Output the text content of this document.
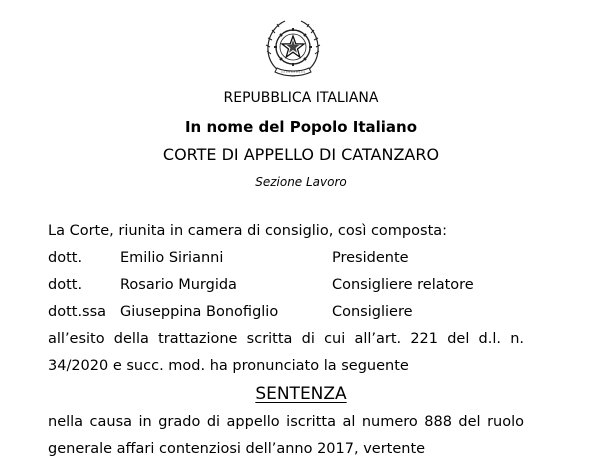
REPUBBLICA ITALIANA
In nome del Popolo Italiano
CORTE DI APPELLO DI CATANZARO
Sezione Lavoro
La Corte, riunita in camera di consiglio, così composta:
dott.	Emilio Sirianni	Presidente
dott.	Rosario Murgida	Consigliere relatore
dott.ssa Giuseppina Bonofiglio	Consigliere
all’esito della trattazione scritta di cui all’art. 221 del d.l. n.
34/2020 e succ. mod. ha pronunciato la seguente
SENTENZA
nella causa in grado di appello iscritta al numero 888 del ruolo
generale affari contenziosi dell’anno 2017, vertente
